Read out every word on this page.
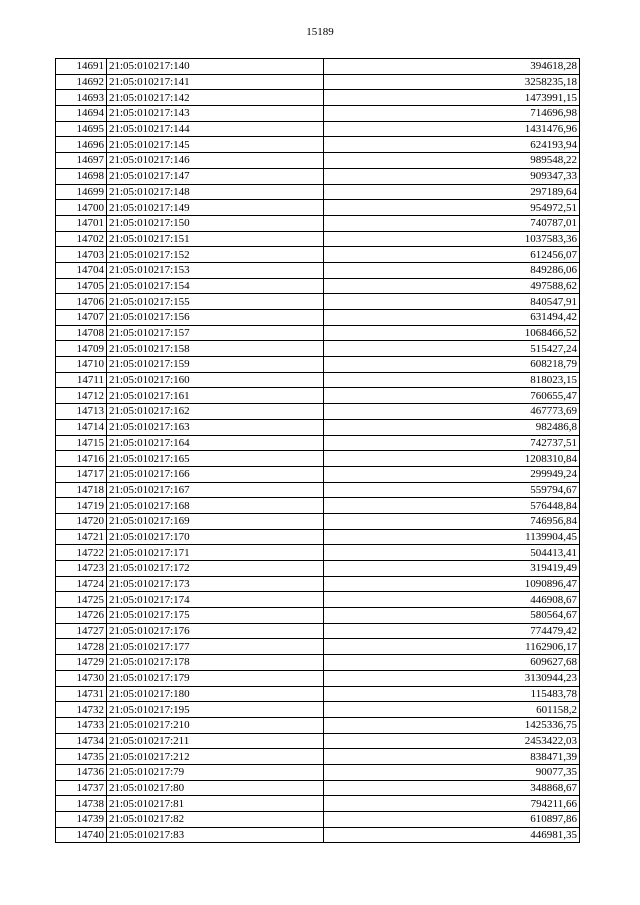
15189
14691	21:05:010217:140	394618,28
14692	21:05:010217:141	3258235,18
14693	21:05:010217:142	1473991,15
14694	21:05:010217:143	714696,98
14695	21:05:010217:144	1431476,96
14696	21:05:010217:145	624193,94
14697	21:05:010217:146	989548,22
14698	21:05:010217:147	909347,33
14699	21:05:010217:148	297189,64
14700	21:05:010217:149	954972,51
14701	21:05:010217:150	740787,01
14702	21:05:010217:151	1037583,36
14703	21:05:010217:152	612456,07
14704	21:05:010217:153	849286,06
14705	21:05:010217:154	497588,62
14706	21:05:010217:155	840547,91
14707	21:05:010217:156	631494,42
14708	21:05:010217:157	1068466,52
14709	21:05:010217:158	515427,24
14710	21:05:010217:159	608218,79
14711	21:05:010217:160	818023,15
14712	21:05:010217:161	760655,47
14713	21:05:010217:162	467773,69
14714	21:05:010217:163	982486,8
14715	21:05:010217:164	742737,51
14716	21:05:010217:165	1208310,84
14717	21:05:010217:166	299949,24
14718	21:05:010217:167	559794,67
14719	21:05:010217:168	576448,84
14720	21:05:010217:169	746956,84
14721	21:05:010217:170	1139904,45
14722	21:05:010217:171	504413,41
14723	21:05:010217:172	319419,49
14724	21:05:010217:173	1090896,47
14725	21:05:010217:174	446908,67
14726	21:05:010217:175	580564,67
14727	21:05:010217:176	774479,42
14728	21:05:010217:177	1162906,17
14729	21:05:010217:178	609627,68
14730	21:05:010217:179	3130944,23
14731	21:05:010217:180	115483,78
14732	21:05:010217:195	601158,2
14733	21:05:010217:210	1425336,75
14734	21:05:010217:211	2453422,03
14735	21:05:010217:212	838471,39
14736	21:05:010217:79	90077,35
14737	21:05:010217:80	348868,67
14738	21:05:010217:81	794211,66
14739	21:05:010217:82	610897,86
14740	21:05:010217:83	446981,35
